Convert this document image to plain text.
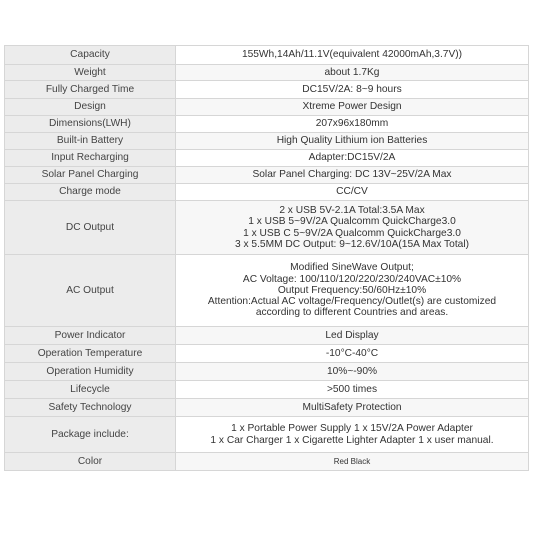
Capacity	155Wh,14Ah/11.1V(equivalent 42000mAh,3.7V))

Weight	about 1.7Kg

Fully Charged Time	DC15V/2A: 8~9 hours

Design	Xtreme Power Design

Dimensions(LWH)	207x96x180mm

Built-in Battery	High Quality Lithium ion Batteries

Input Recharging	Adapter:DC15V/2A

Solar Panel Charging	Solar Panel Charging: DC 13V~25V/2A Max

Charge mode	CC/CV

DC Output	2 x USB 5V-2.1A Total:3.5A Max
1 x USB 5~9V/2A Qualcomm QuickCharge3.0
1 x USB C 5~9V/2A Qualcomm QuickCharge3.0
3 x 5.5MM DC Output: 9~12.6V/10A(15A Max Total)

AC Output	Modified SineWave Output;
AC Voltage: 100/110/120/220/230/240VAC±10%
Output Frequency:50/60Hz±10%
Attention:Actual AC voltage/Frequency/Outlet(s) are customized
according to different Countries and areas.

Power Indicator	Led Display

Operation Temperature	-10°C-40°C

Operation Humidity	10%~-90%

Lifecycle	>500 times

Safety Technology	MultiSafety Protection

Package include:	1 x Portable Power Supply 1 x 15V/2A Power Adapter
1 x Car Charger 1 x Cigarette Lighter Adapter 1 x user manual.

Color	Red Black
